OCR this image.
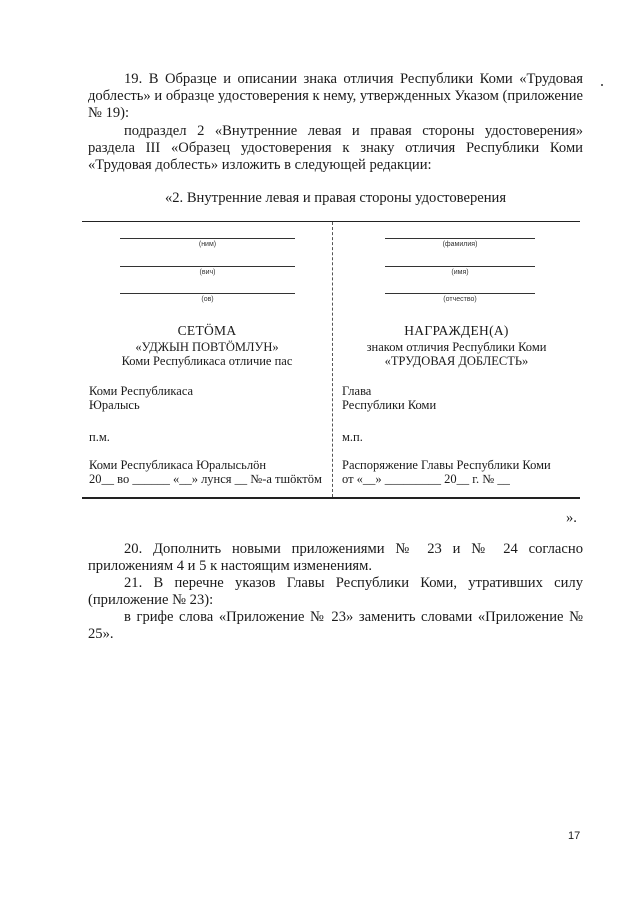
19. В Образце и описании знака отличия Республики Коми «Трудовая доблесть» и образце удостоверения к нему, утвержденных Указом (приложение № 19):

подраздел 2 «Внутренние левая и правая стороны удостоверения» раздела III «Образец удостоверения к знаку отличия Республики Коми «Трудовая доблесть» изложить в следующей редакции:

«2. Внутренние левая и правая стороны удостоверения
(ним)
(вич)
(ов)
СЕТӦМА
«УДЖЫН ПОВТӦМЛУН»
Коми Республикаса отличие пас
Коми Республикаса
Юралысь
п.м.
Коми Республикаса Юралысьлӧн
20__ во ______ «__» лунся __ №-а тшӧктӧм
(фамилия)
(имя)
(отчество)
НАГРАЖДЕН(А)
знаком отличия Республики Коми
«ТРУДОВАЯ ДОБЛЕСТЬ»
Глава
Республики Коми
м.п.
Распоряжение Главы Республики Коми
от «__» _________ 20__ г. № __
».

20. Дополнить новыми приложениями № 23 и № 24 согласно приложениям 4 и 5 к настоящим изменениям.

21. В перечне указов Главы Республики Коми, утративших силу (приложение № 23):

в грифе слова «Приложение № 23» заменить словами «Приложение № 25».

17
